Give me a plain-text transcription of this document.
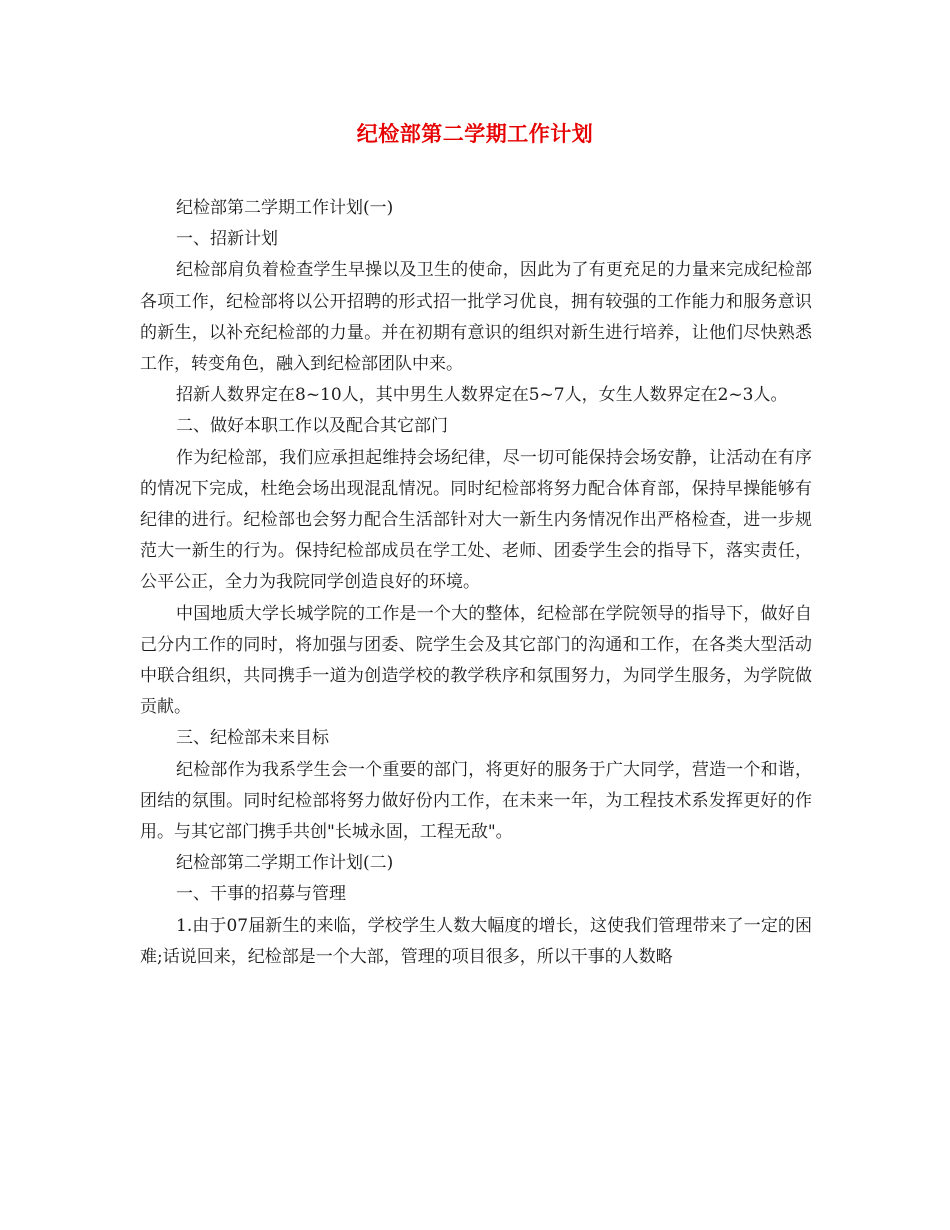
纪检部第二学期工作计划

纪检部第二学期工作计划(一)

一、招新计划

纪检部肩负着检查学生早操以及卫生的使命，因此为了有更充足的力量来完成纪检部各项工作，纪检部将以公开招聘的形式招一批学习优良，拥有较强的工作能力和服务意识的新生，以补充纪检部的力量。并在初期有意识的组织对新生进行培养，让他们尽快熟悉工作，转变角色，融入到纪检部团队中来。

招新人数界定在8~10人，其中男生人数界定在5~7人，女生人数界定在2~3人。

二、做好本职工作以及配合其它部门

作为纪检部，我们应承担起维持会场纪律，尽一切可能保持会场安静，让活动在有序的情况下完成，杜绝会场出现混乱情况。同时纪检部将努力配合体育部，保持早操能够有纪律的进行。纪检部也会努力配合生活部针对大一新生内务情况作出严格检查，进一步规范大一新生的行为。保持纪检部成员在学工处、老师、团委学生会的指导下，落实责任，公平公正，全力为我院同学创造良好的环境。

中国地质大学长城学院的工作是一个大的整体，纪检部在学院领导的指导下，做好自己分内工作的同时，将加强与团委、院学生会及其它部门的沟通和工作，在各类大型活动中联合组织，共同携手一道为创造学校的教学秩序和氛围努力，为同学生服务，为学院做贡献。

三、纪检部未来目标

纪检部作为我系学生会一个重要的部门，将更好的服务于广大同学，营造一个和谐，团结的氛围。同时纪检部将努力做好份内工作，在未来一年，为工程技术系发挥更好的作用。与其它部门携手共创"长城永固，工程无敌"。

纪检部第二学期工作计划(二)

一、干事的招募与管理

1.由于07届新生的来临，学校学生人数大幅度的增长，这使我们管理带来了一定的困难;话说回来，纪检部是一个大部，管理的项目很多，所以干事的人数略
